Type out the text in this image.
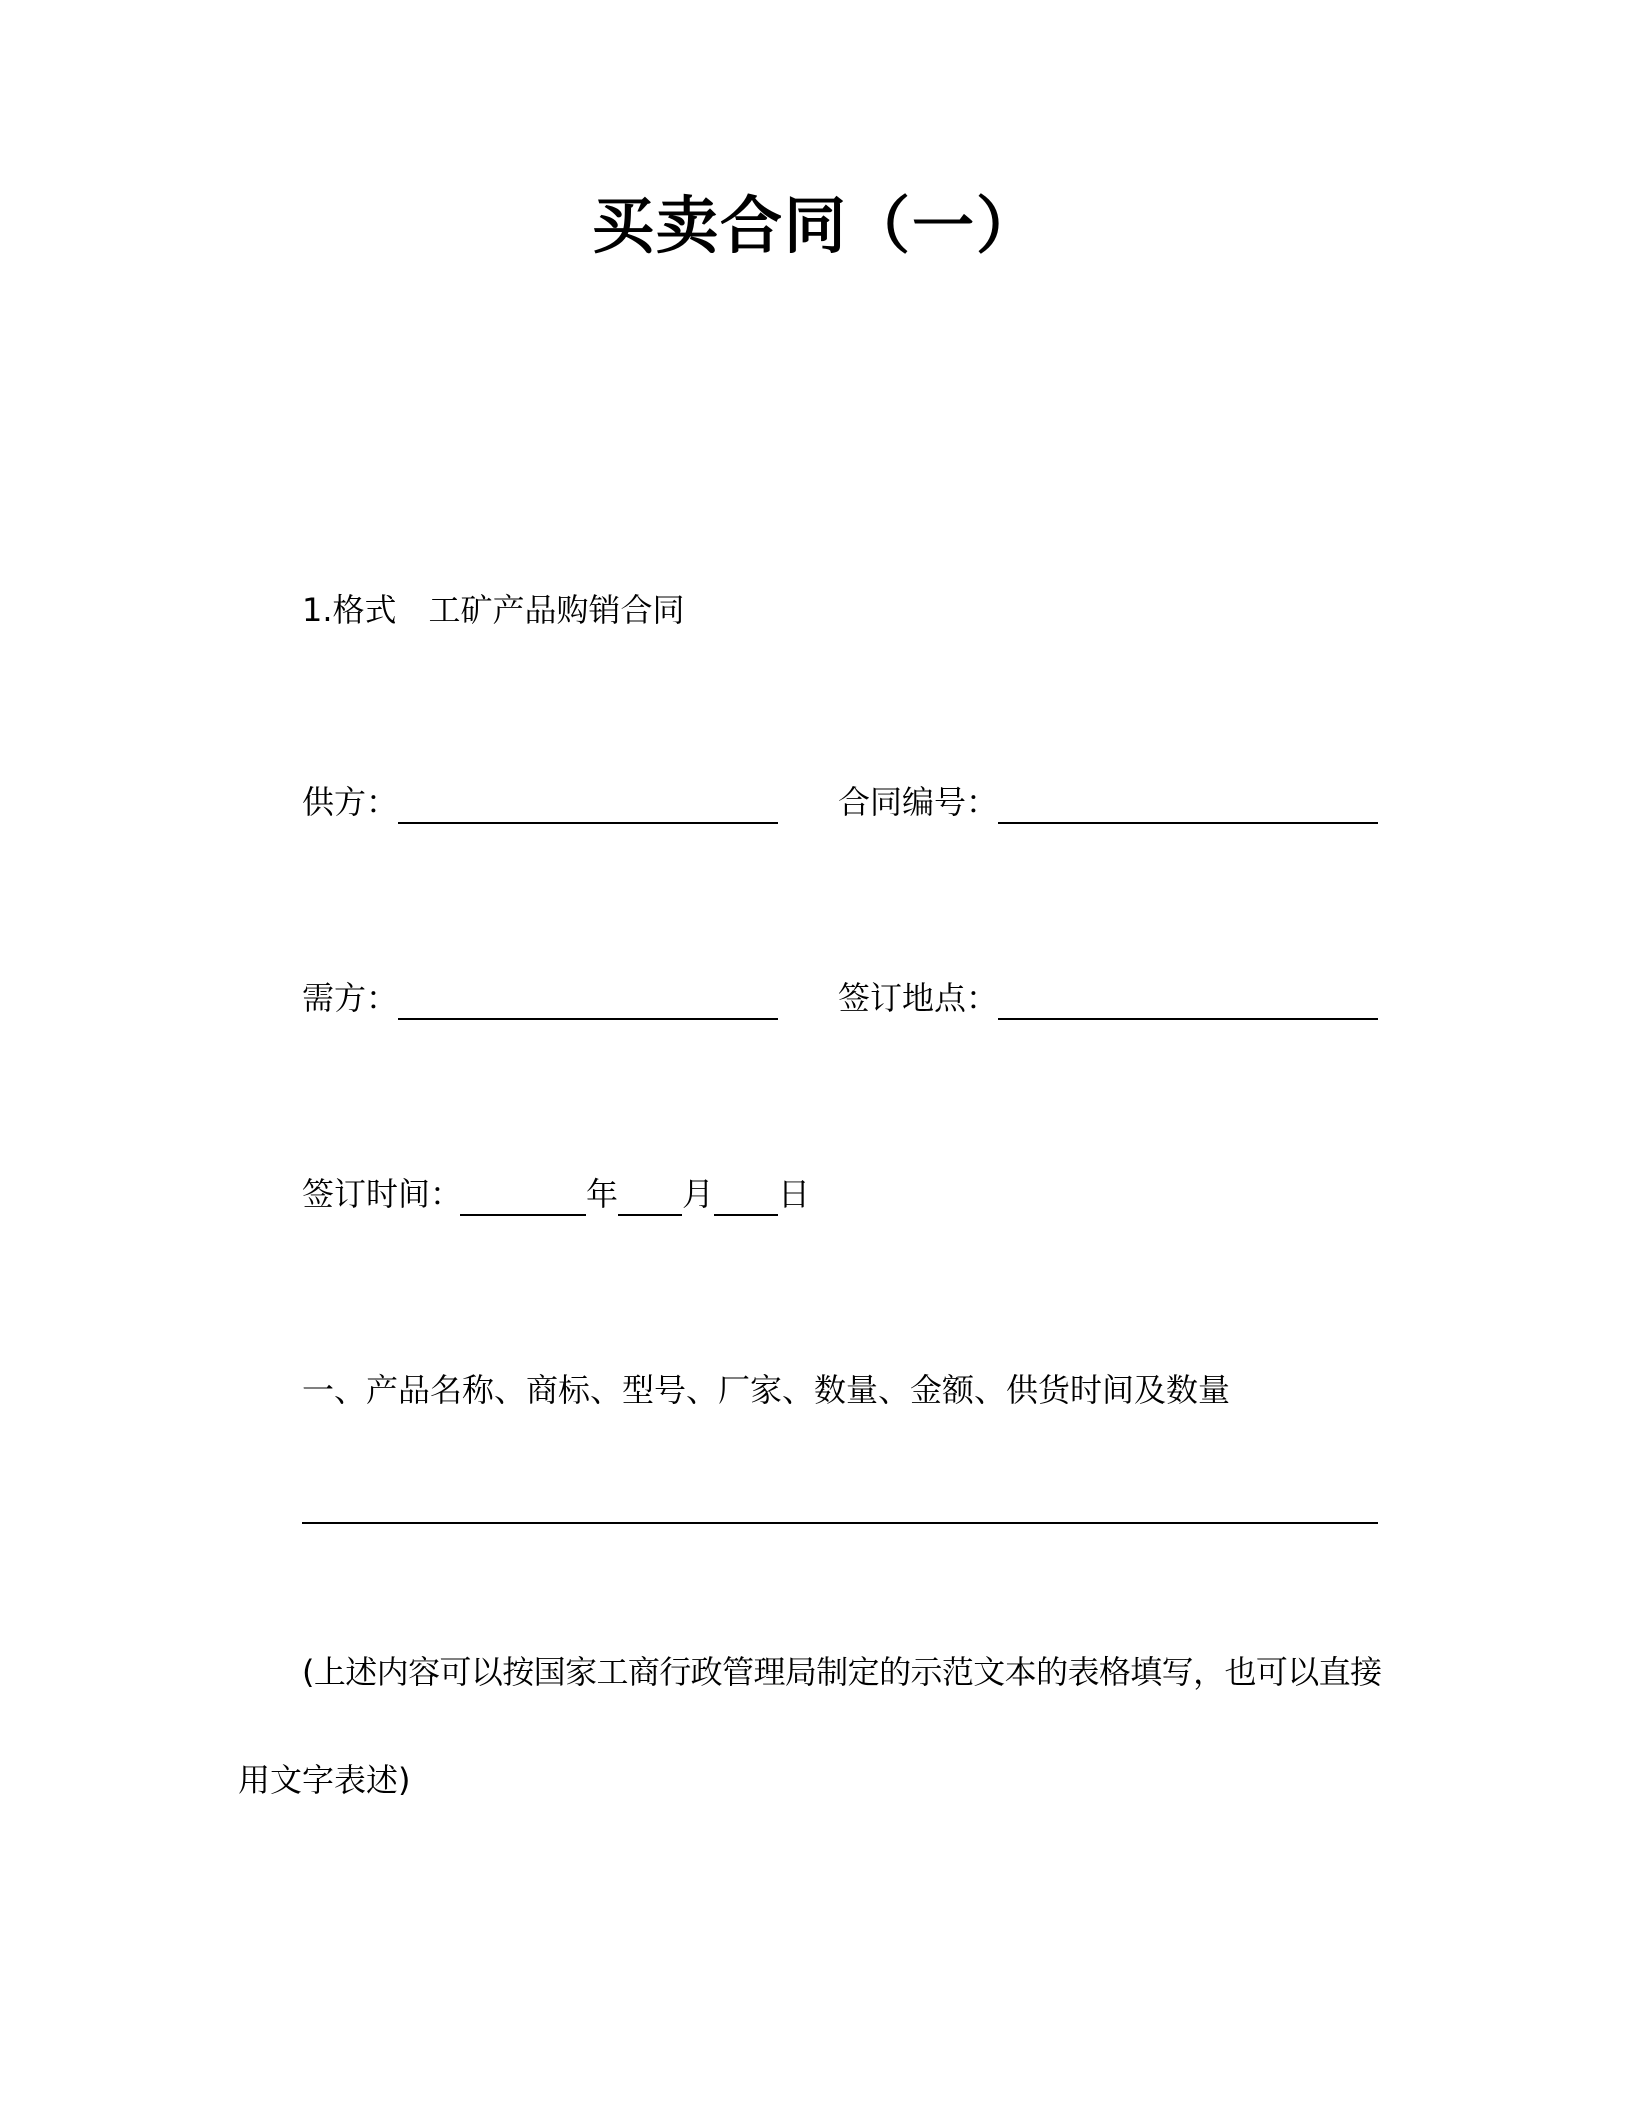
买卖合同（一）
1.格式　工矿产品购销合同
供方：	合同编号：
需方：	签订地点：
签订时间：	年 月 日
一、产品名称、商标、型号、厂家、数量、金额、供货时间及数量
(上述内容可以按国家工商行政管理局制定的示范文本的表格填写，也可以直接
用文字表述)
